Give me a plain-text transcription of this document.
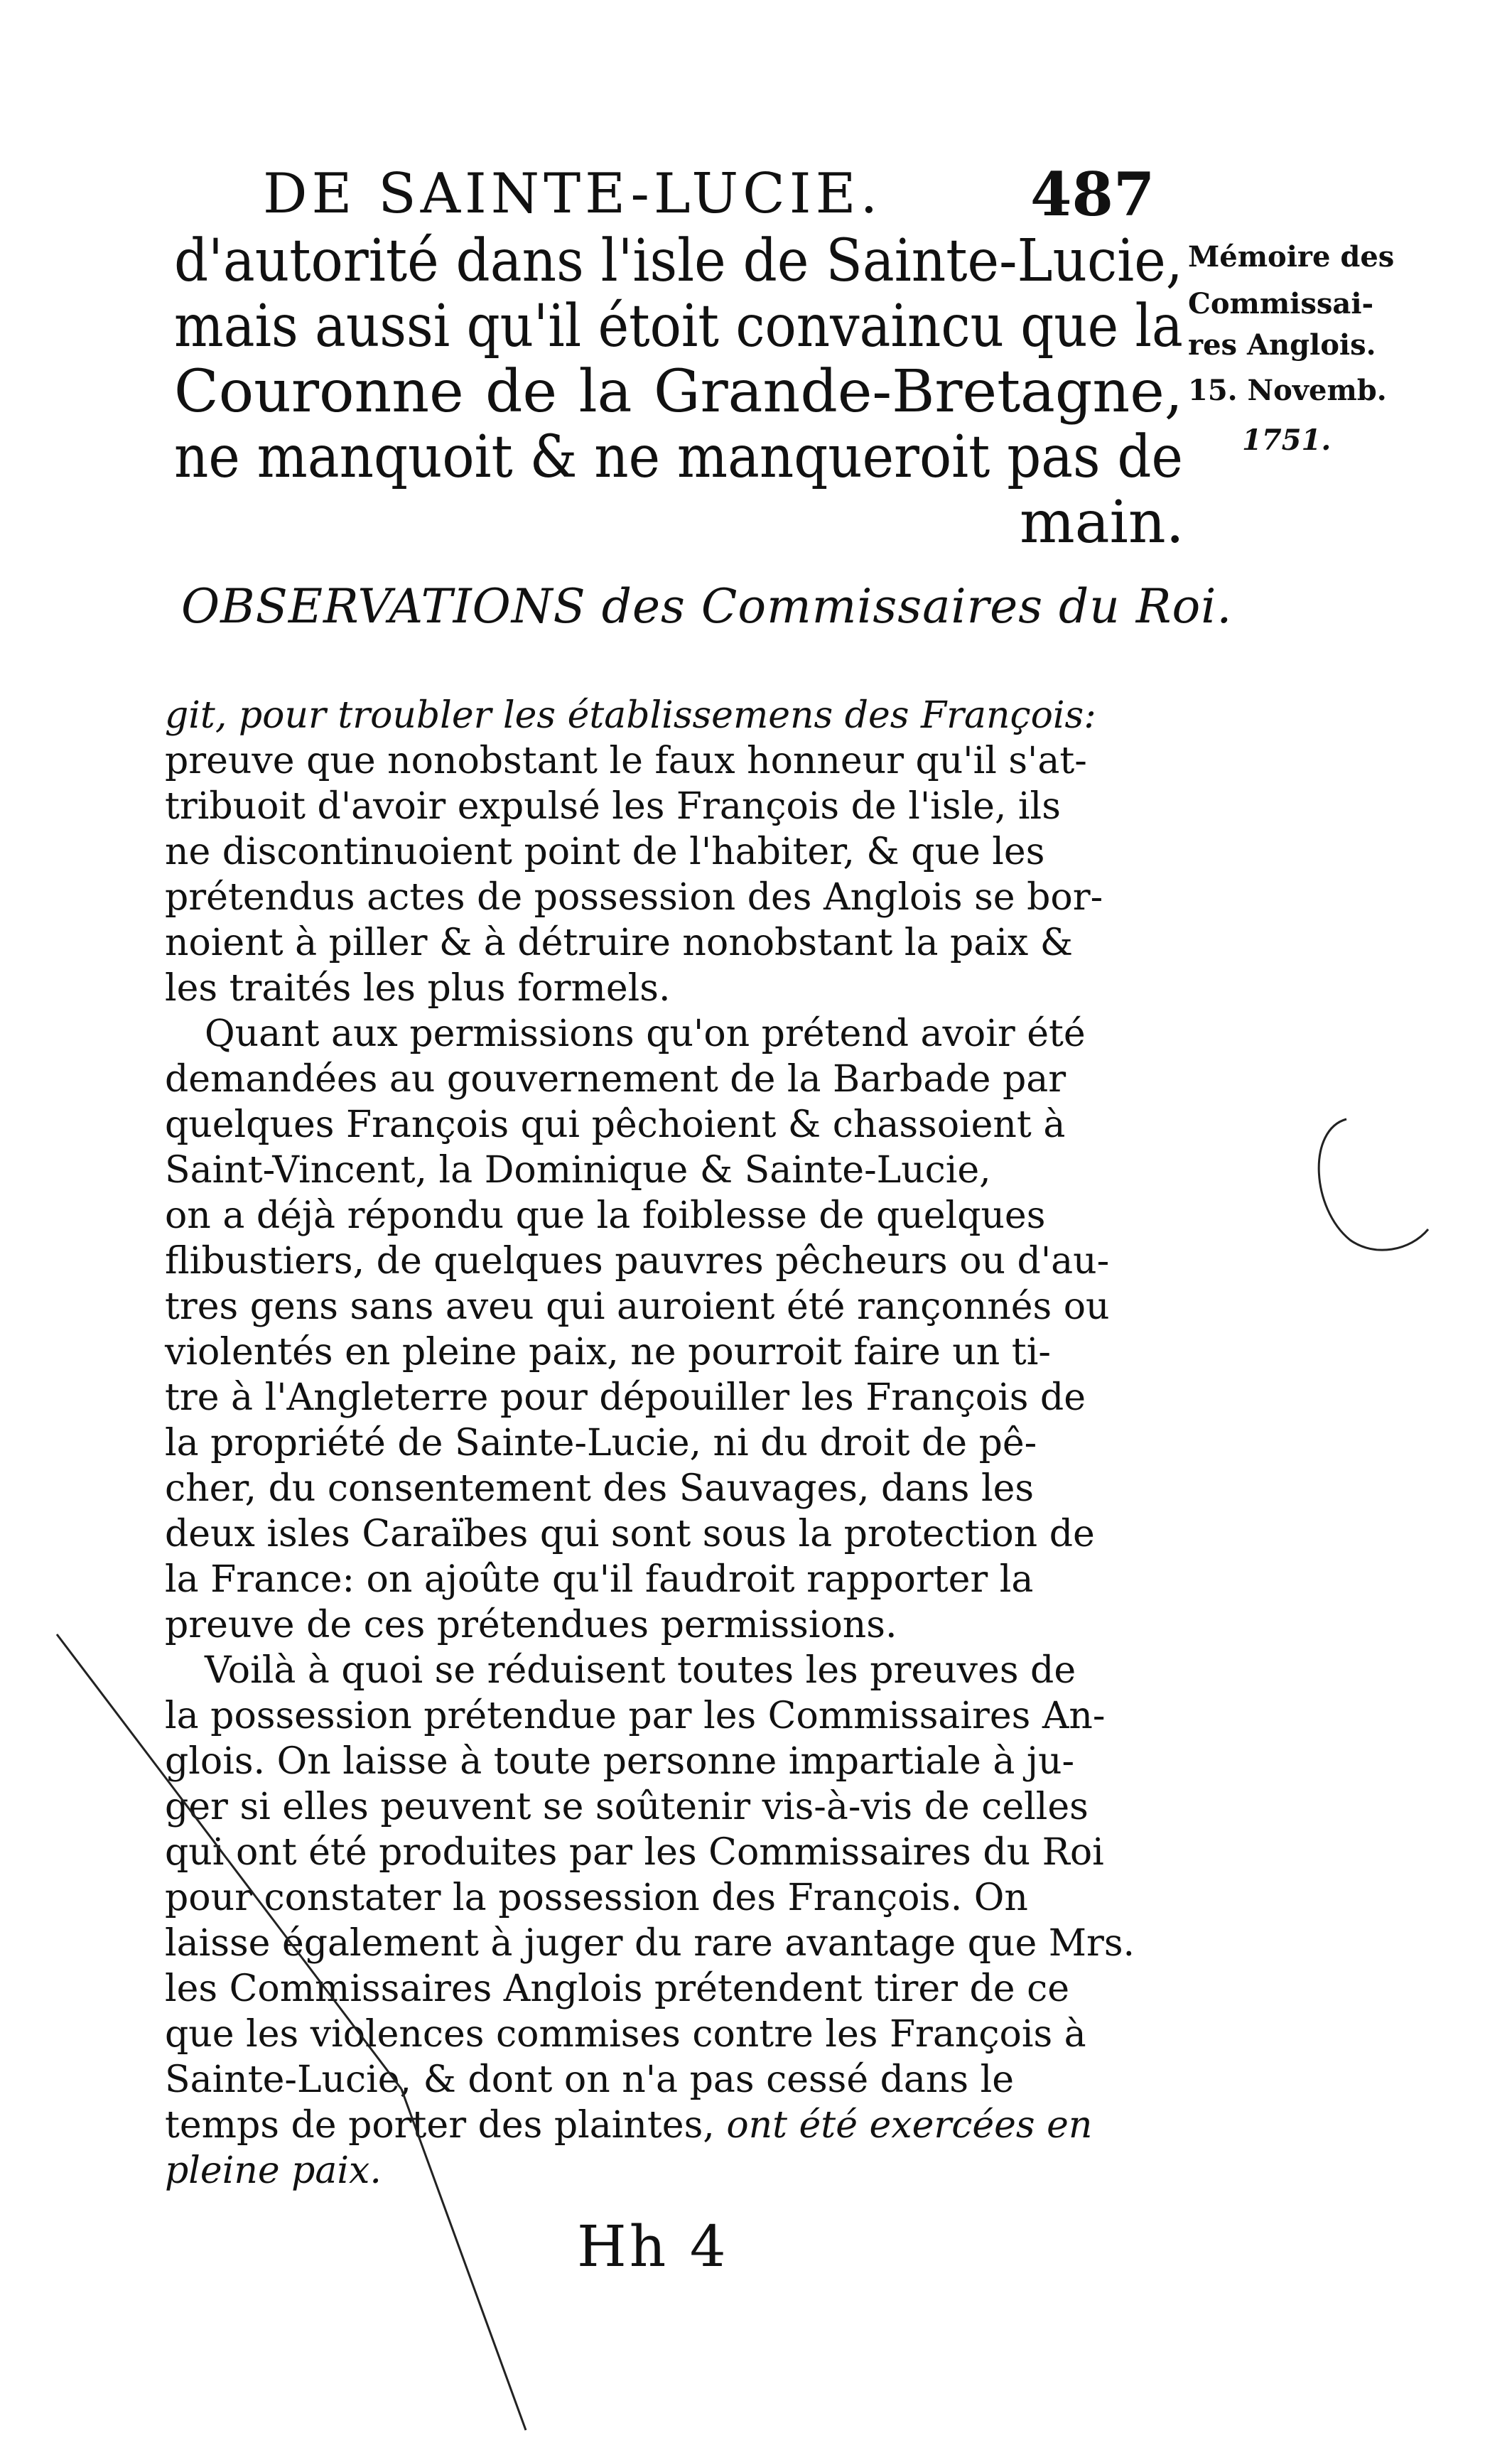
DE SAINTE-LUCIE. 487
d'autorité dans l'isle de Sainte-Lucie,
mais aussi qu'il étoit convaincu que la
Couronne de la Grande-Bretagne,
ne manquoit & ne manqueroit pas de
main.
Mémoire des
Commissai-
res Anglois.
15. Novemb.
1751.
OBSERVATIONS des Commissaires du Roi.
git, pour troubler les établissemens des François:
preuve que nonobstant le faux honneur qu'il s'at-
tribuoit d'avoir expulsé les François de l'isle, ils
ne discontinuoient point de l'habiter, & que les
prétendus actes de possession des Anglois se bor-
noient à piller & à détruire nonobstant la paix &
les traités les plus formels.
Quant aux permissions qu'on prétend avoir été
demandées au gouvernement de la Barbade par
quelques François qui pêchoient & chassoient à
Saint-Vincent, la Dominique & Sainte-Lucie,
on a déjà répondu que la foiblesse de quelques
flibustiers, de quelques pauvres pêcheurs ou d'au-
tres gens sans aveu qui auroient été rançonnés ou
violentés en pleine paix, ne pourroit faire un ti-
tre à l'Angleterre pour dépouiller les François de
la propriété de Sainte-Lucie, ni du droit de pê-
cher, du consentement des Sauvages, dans les
deux isles Caraïbes qui sont sous la protection de
la France: on ajoûte qu'il faudroit rapporter la
preuve de ces prétendues permissions.
Voilà à quoi se réduisent toutes les preuves de
la possession prétendue par les Commissaires An-
glois. On laisse à toute personne impartiale à ju-
ger si elles peuvent se soûtenir vis-à-vis de celles
qui ont été produites par les Commissaires du Roi
pour constater la possession des François. On
laisse également à juger du rare avantage que Mrs.
les Commissaires Anglois prétendent tirer de ce
que les violences commises contre les François à
Sainte-Lucie, & dont on n'a pas cessé dans le
temps de porter des plaintes, ont été exercées en
pleine paix.
Hh 4
